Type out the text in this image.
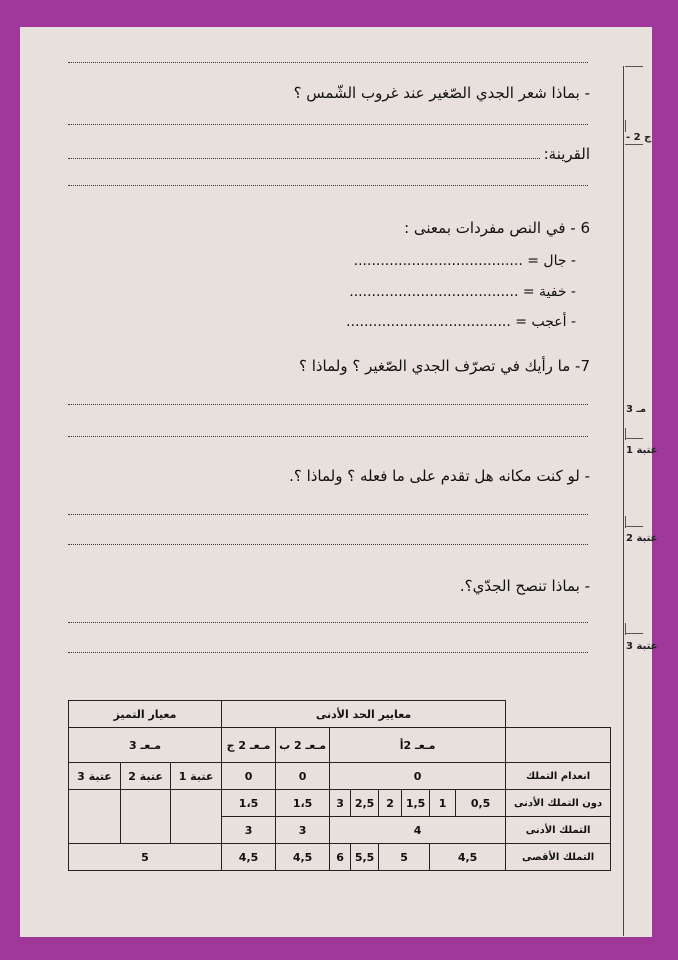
- 2 ج
3 مـ
عتبة 1
عتبة 2
عتبة 3
- بماذا شعر الجدي الصّغير عند غروب الشّمس ؟
القرينة:
6 - في النص مفردات بمعنى :
- جال = ......................................
- خفية = ......................................
- أعجب = .....................................
7- ما رأيك في تصرّف الجدي الصّغير ؟ ولماذا ؟
- لو كنت مكانه هل تقدم على ما فعله ؟ ولماذا ؟.
- بماذا تنصح الجدّي؟.
	معايير الحد الأدنى								معيار التميز		
	مـعـ 2أ						مـعـ 2 ب	مـعـ 2 ج	مـعـ 3		
انعدام التملك	0						0	0	عتبة 1	عتبة 2	عتبة 3
دون التملك الأدنى	0,5	1	1,5	2	2,5	3	1،5	1،5			
التملك الأدنى	4						3	3			
التملك الأقصى	4,5		5		5,5	6	4,5	4,5	5		
